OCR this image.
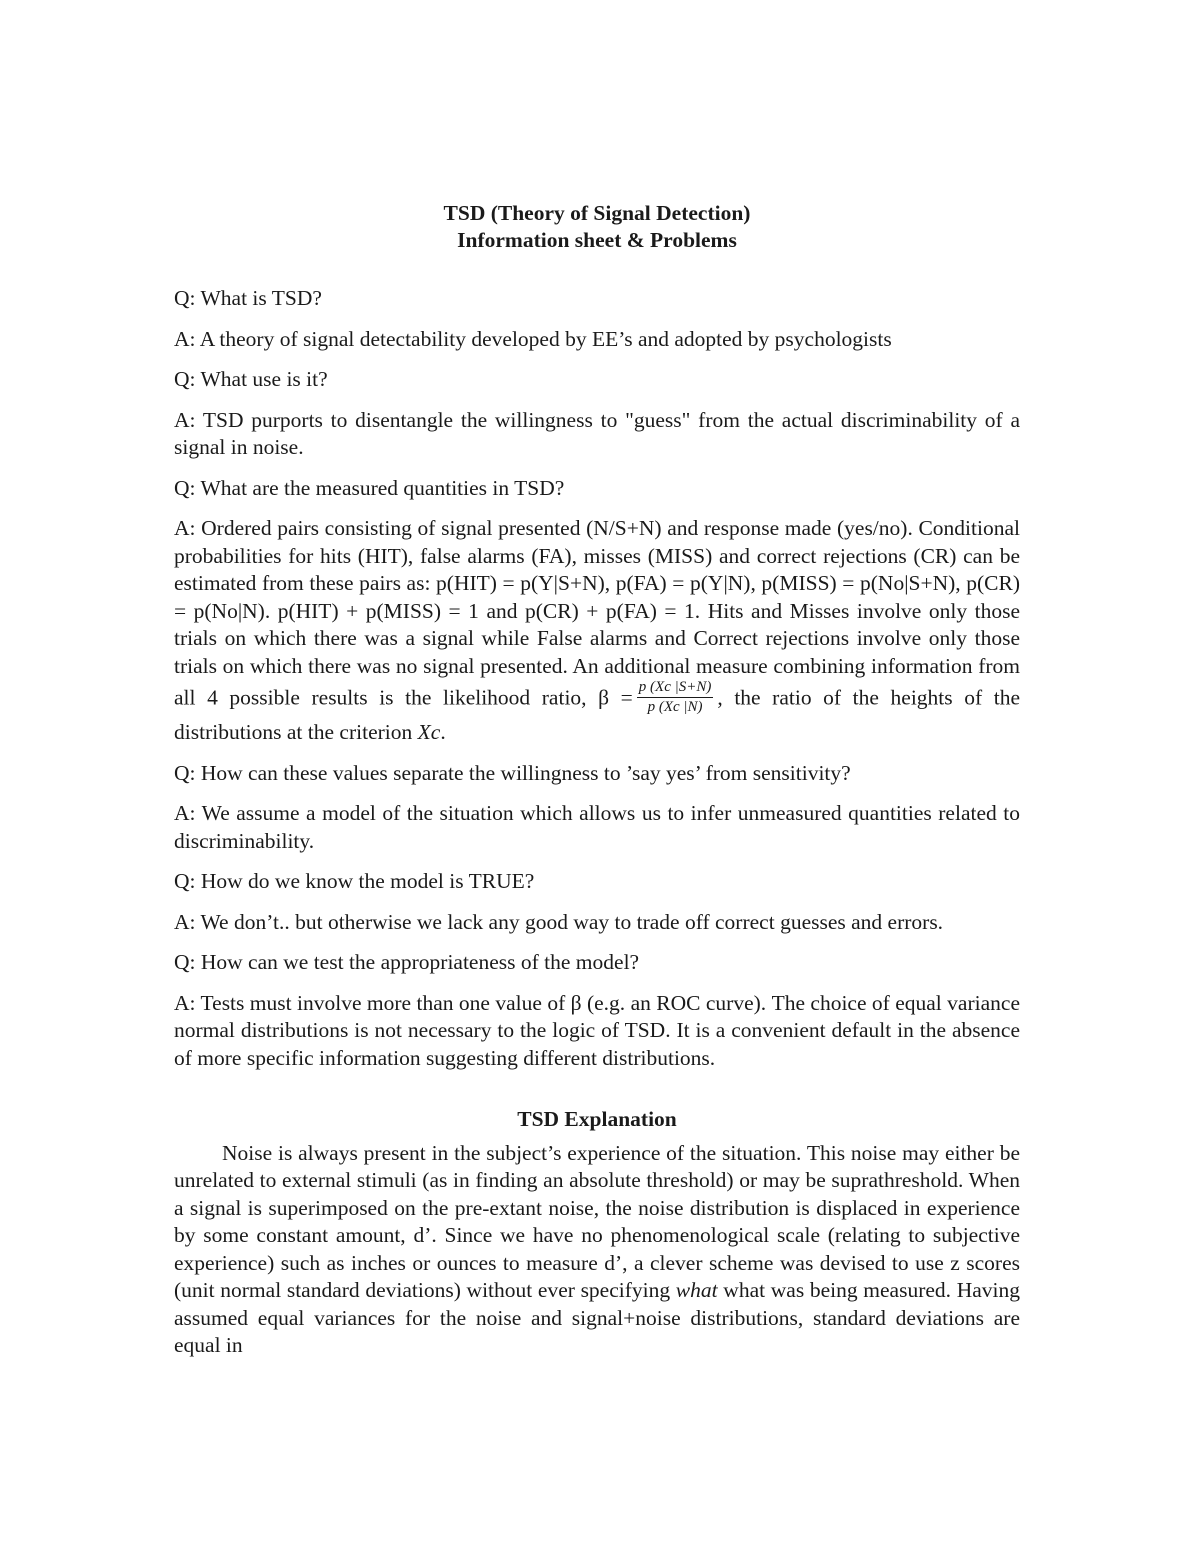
TSD (Theory of Signal Detection)
Information sheet & Problems

Q: What is TSD?

A: A theory of signal detectability developed by EE’s and adopted by psychologists

Q: What use is it?

A: TSD purports to disentangle the willingness to "guess" from the actual discriminability of a signal in noise.

Q: What are the measured quantities in TSD?

A: Ordered pairs consisting of signal presented (N/S+N) and response made (yes/no). Conditional probabilities for hits (HIT), false alarms (FA), misses (MISS) and correct rejections (CR) can be estimated from these pairs as: p(HIT) = p(Y|S+N), p(FA) = p(Y|N), p(MISS) = p(No|S+N), p(CR) = p(No|N). p(HIT) + p(MISS) = 1 and p(CR) + p(FA) = 1. Hits and Misses involve only those trials on which there was a signal while False alarms and Correct rejections involve only those trials on which there was no signal presented. An additional measure combining information from all 4 possible results is the likelihood ratio, $\beta = \frac{p (Xc |S+N)}{p (Xc |N)}$ , the ratio of the heights of the distributions at the criterion Xc.

Q: How can these values separate the willingness to ’say yes’ from sensitivity?

A: We assume a model of the situation which allows us to infer unmeasured quantities related to discriminability.

Q: How do we know the model is TRUE?

A: We don’t.. but otherwise we lack any good way to trade off correct guesses and errors.

Q: How can we test the appropriateness of the model?

A: Tests must involve more than one value of β (e.g. an ROC curve). The choice of equal variance normal distributions is not necessary to the logic of TSD. It is a convenient default in the absence of more specific information suggesting different distributions.

TSD Explanation

Noise is always present in the subject’s experience of the situation. This noise may either be unrelated to external stimuli (as in finding an absolute threshold) or may be suprathreshold. When a signal is superimposed on the pre-extant noise, the noise distribution is displaced in experience by some constant amount, d’. Since we have no phenomenological scale (relating to subjective experience) such as inches or ounces to measure d’, a clever scheme was devised to use z scores (unit normal standard deviations) without ever specifying what what was being measured. Having assumed equal variances for the noise and signal+noise distributions, standard deviations are equal in
